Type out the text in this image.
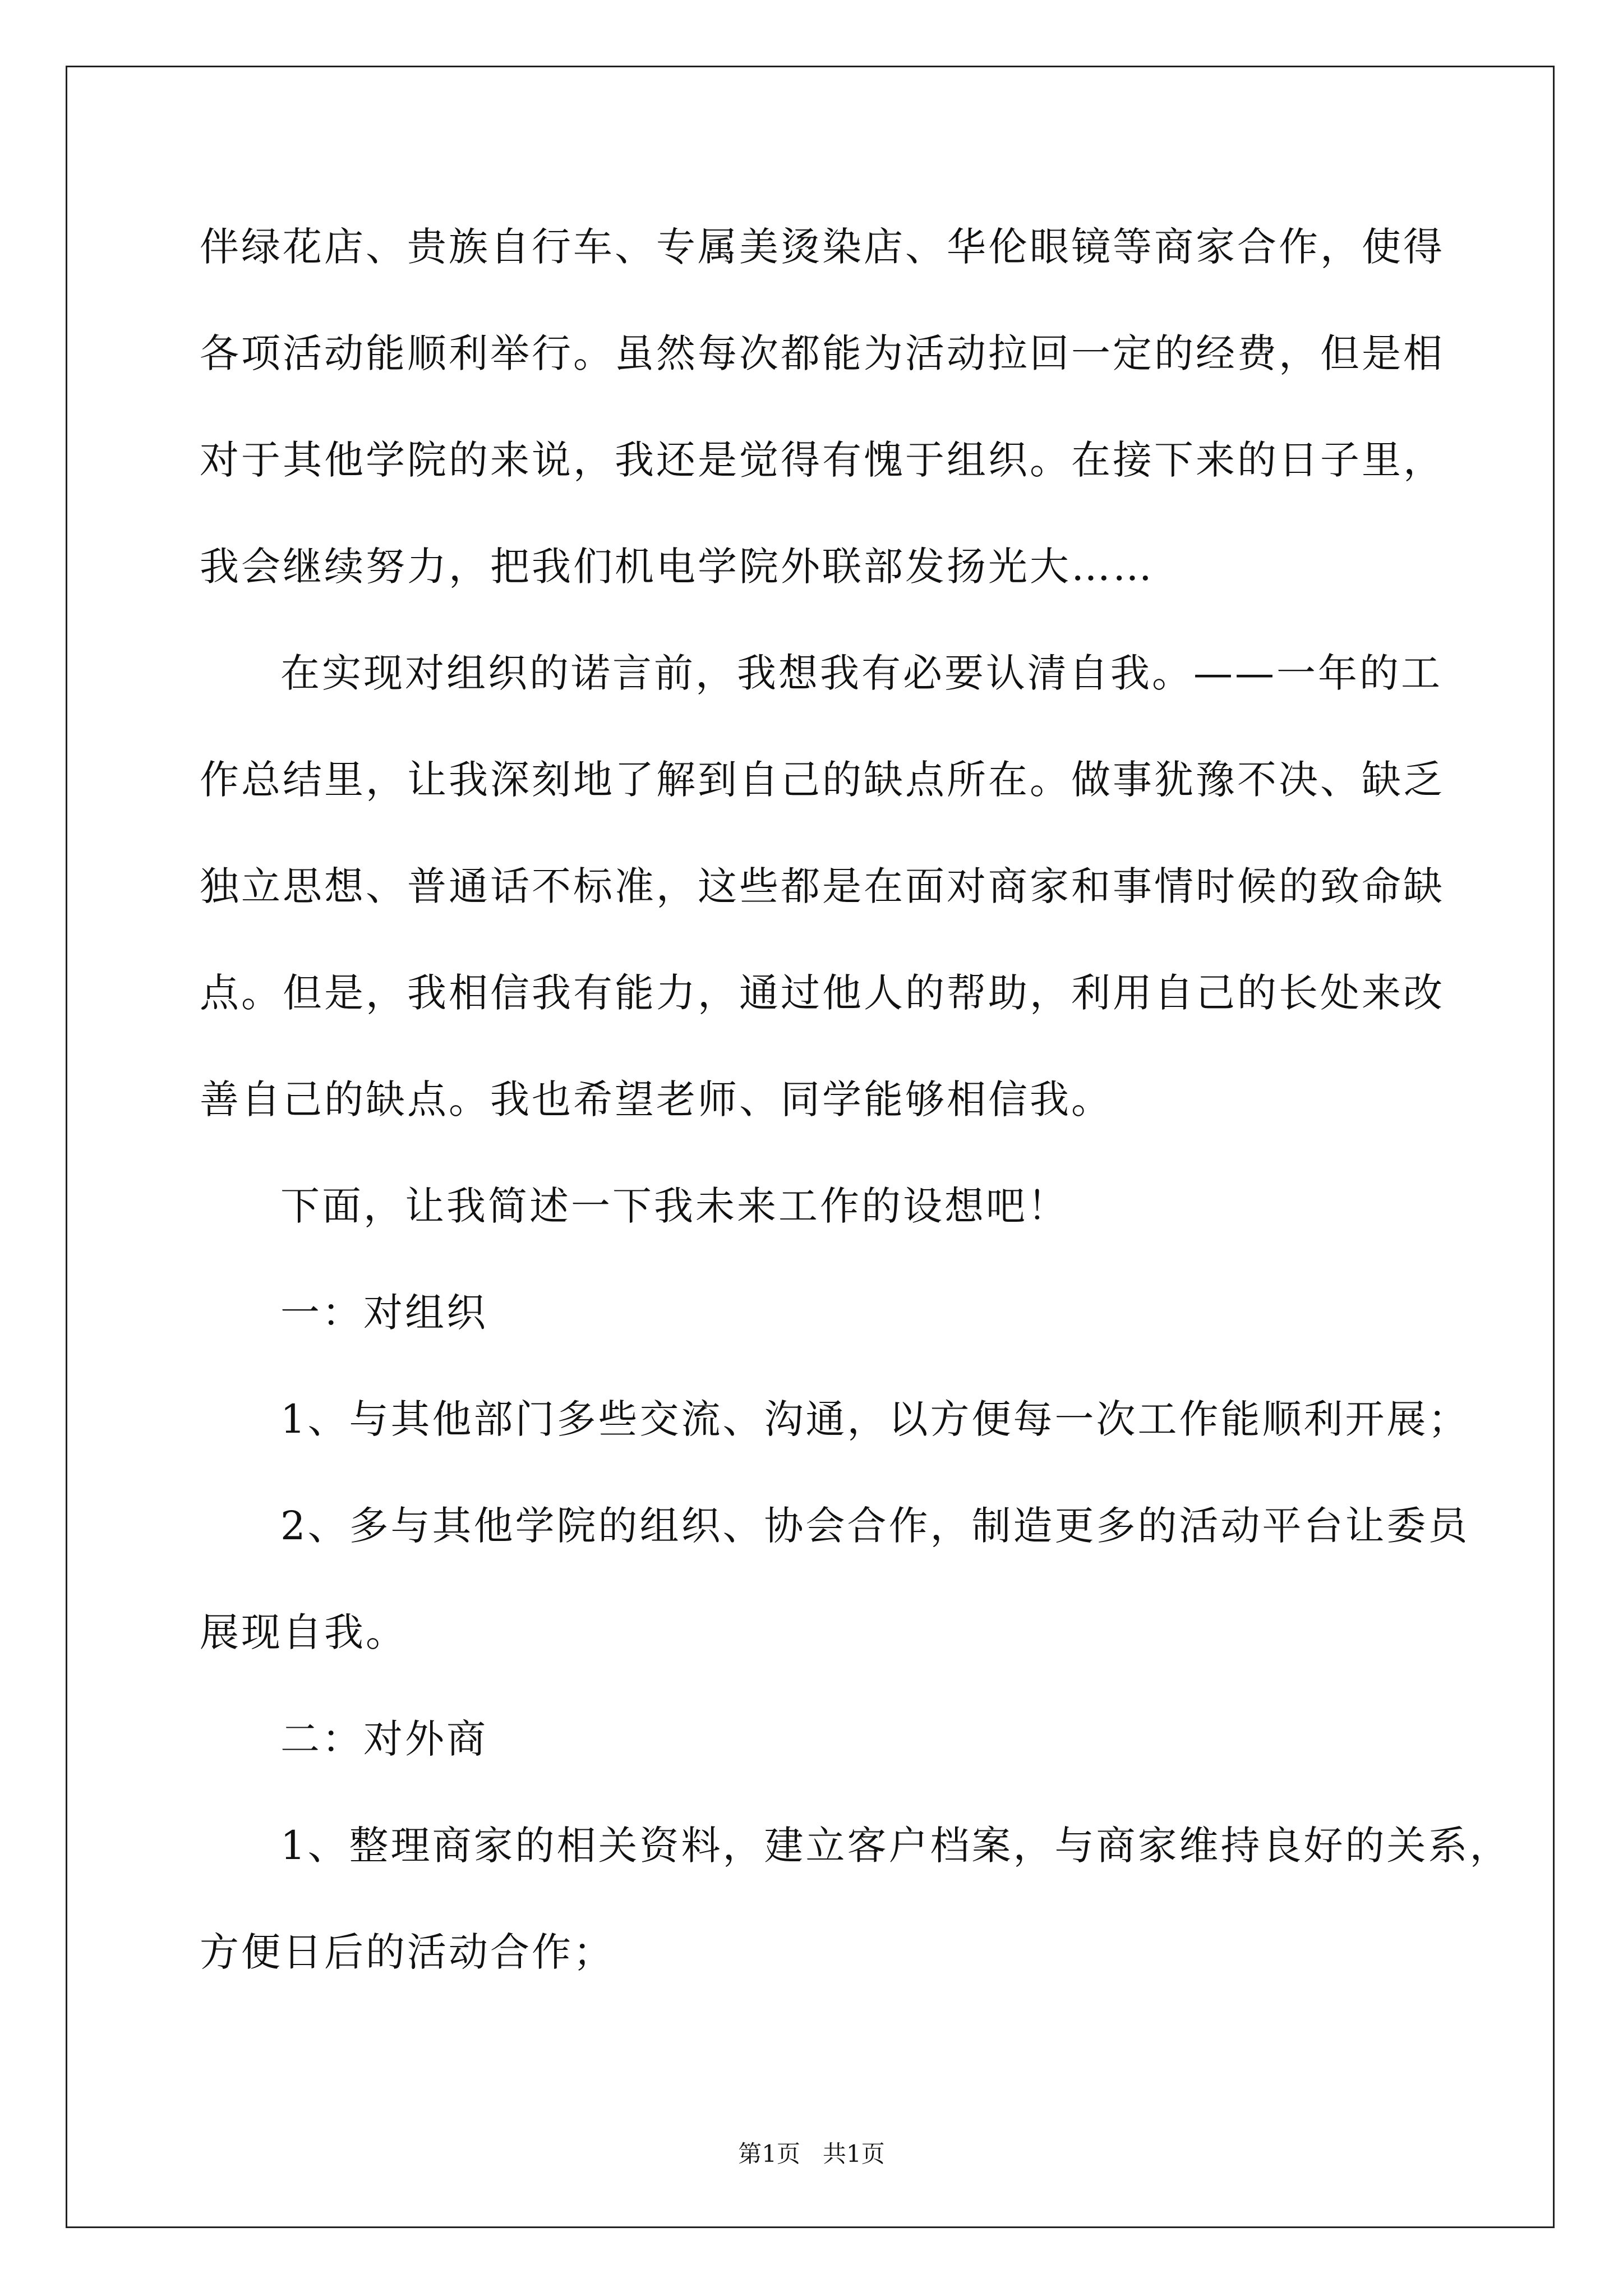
伴绿花店、贵族自行车、专属美烫染店、华伦眼镜等商家合作，使得
各项活动能顺利举行。虽然每次都能为活动拉回一定的经费，但是相
对于其他学院的来说，我还是觉得有愧于组织。在接下来的日子里，
我会继续努力，把我们机电学院外联部发扬光大……
在实现对组织的诺言前，我想我有必要认清自我。——一年的工
作总结里，让我深刻地了解到自己的缺点所在。做事犹豫不决、缺乏
独立思想、普通话不标准，这些都是在面对商家和事情时候的致命缺
点。但是，我相信我有能力，通过他人的帮助，利用自己的长处来改
善自己的缺点。我也希望老师、同学能够相信我。
下面，让我简述一下我未来工作的设想吧！
一：对组织
1、与其他部门多些交流、沟通，以方便每一次工作能顺利开展；
2、多与其他学院的组织、协会合作，制造更多的活动平台让委员
展现自我。
二：对外商
1、整理商家的相关资料，建立客户档案，与商家维持良好的关系，
方便日后的活动合作；
第1页   共1页
